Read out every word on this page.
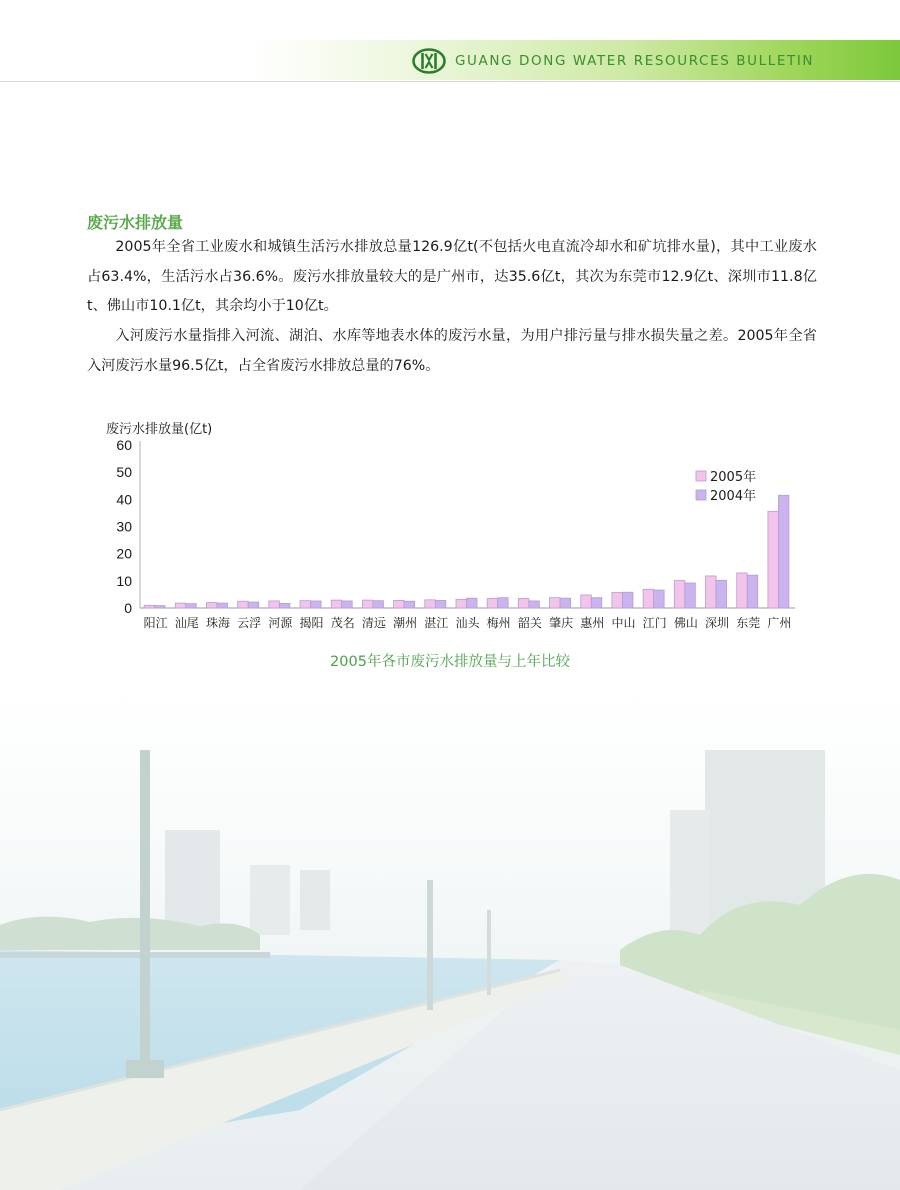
GUANG DONG WATER RESOURCES BULLETIN
废污水排放量

2005年全省工业废水和城镇生活污水排放总量126.9亿t(不包括火电直流冷却水和矿坑排水量)，其中工业废水占63.4%，生活污水占36.6%。废污水排放量较大的是广州市，达35.6亿t，其次为东莞市12.9亿t、深圳市11.8亿t、佛山市10.1亿t，其余均小于10亿t。

入河废污水量指排入河流、湖泊、水库等地表水体的废污水量，为用户排污量与排水损失量之差。2005年全省入河废污水量96.5亿t，占全省废污水排放总量的76%。

废污水排放量(亿t)
60
50
40
30
20
10
0
阳江 汕尾 珠海 云浮 河源 揭阳 茂名 清远 潮州 湛江 汕头 梅州 韶关 肇庆 惠州 中山 江门 佛山 深圳 东莞 广州
2005年
2004年
2005年各市废污水排放量与上年比较
